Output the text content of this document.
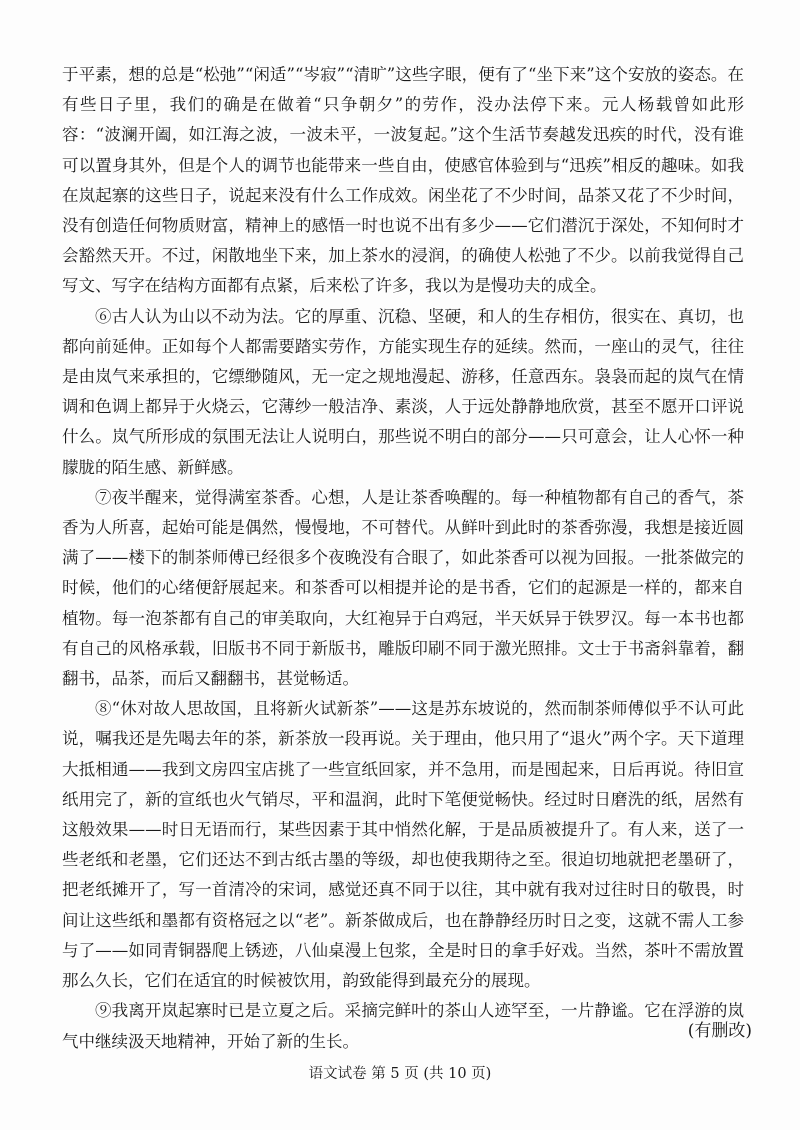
于平素，想的总是“松弛”“闲适”“岑寂”“清旷”这些字眼，便有了“坐下来”这个安放的姿态。在有些日子里，我们的确是在做着“只争朝夕”的劳作，没办法停下来。元人杨载曾如此形容：“波澜开阖，如江海之波，一波未平，一波复起。”这个生活节奏越发迅疾的时代，没有谁可以置身其外，但是个人的调节也能带来一些自由，使感官体验到与“迅疾”相反的趣味。如我在岚起寨的这些日子，说起来没有什么工作成效。闲坐花了不少时间，品茶又花了不少时间，没有创造任何物质财富，精神上的感悟一时也说不出有多少——它们潜沉于深处，不知何时才会豁然天开。不过，闲散地坐下来，加上茶水的浸润，的确使人松弛了不少。以前我觉得自己写文、写字在结构方面都有点紧，后来松了许多，我以为是慢功夫的成全。

⑥古人认为山以不动为法。它的厚重、沉稳、坚硬，和人的生存相仿，很实在、真切，也都向前延伸。正如每个人都需要踏实劳作，方能实现生存的延续。然而，一座山的灵气，往往是由岚气来承担的，它缥缈随风，无一定之规地漫起、游移，任意西东。袅袅而起的岚气在情调和色调上都异于火烧云，它薄纱一般洁净、素淡，人于远处静静地欣赏，甚至不愿开口评说什么。岚气所形成的氛围无法让人说明白，那些说不明白的部分——只可意会，让人心怀一种朦胧的陌生感、新鲜感。

⑦夜半醒来，觉得满室茶香。心想，人是让茶香唤醒的。每一种植物都有自己的香气，茶香为人所喜，起始可能是偶然，慢慢地，不可替代。从鲜叶到此时的茶香弥漫，我想是接近圆满了——楼下的制茶师傅已经很多个夜晚没有合眼了，如此茶香可以视为回报。一批茶做完的时候，他们的心绪便舒展起来。和茶香可以相提并论的是书香，它们的起源是一样的，都来自植物。每一泡茶都有自己的审美取向，大红袍异于白鸡冠，半天妖异于铁罗汉。每一本书也都有自己的风格承载，旧版书不同于新版书，雕版印刷不同于激光照排。文士于书斋斜靠着，翻翻书，品茶，而后又翻翻书，甚觉畅适。

⑧“休对故人思故国，且将新火试新茶”——这是苏东坡说的，然而制茶师傅似乎不认可此说，嘱我还是先喝去年的茶，新茶放一段再说。关于理由，他只用了“退火”两个字。天下道理大抵相通——我到文房四宝店挑了一些宣纸回家，并不急用，而是囤起来，日后再说。待旧宣纸用完了，新的宣纸也火气销尽，平和温润，此时下笔便觉畅快。经过时日磨洗的纸，居然有这般效果——时日无语而行，某些因素于其中悄然化解，于是品质被提升了。有人来，送了一些老纸和老墨，它们还达不到古纸古墨的等级，却也使我期待之至。很迫切地就把老墨研了，把老纸摊开了，写一首清冷的宋词，感觉还真不同于以往，其中就有我对过往时日的敬畏，时间让这些纸和墨都有资格冠之以“老”。新茶做成后，也在静静经历时日之变，这就不需人工参与了——如同青铜器爬上锈迹，八仙桌漫上包浆，全是时日的拿手好戏。当然，茶叶不需放置那么久长，它们在适宜的时候被饮用，韵致能得到最充分的展现。

⑨我离开岚起寨时已是立夏之后。采摘完鲜叶的茶山人迹罕至，一片静谧。它在浮游的岚气中继续汲天地精神，开始了新的生长。	(有删改)
语文试卷 第 5 页 (共 10 页)
